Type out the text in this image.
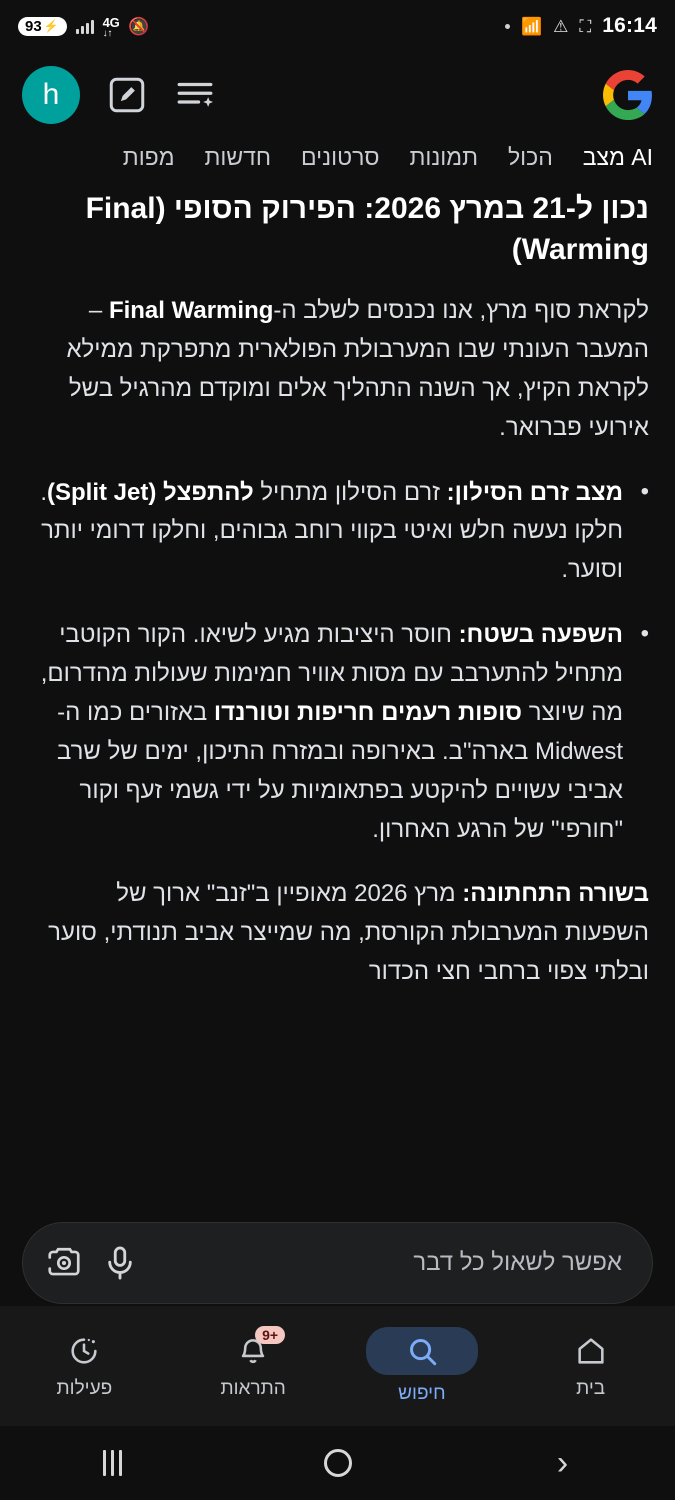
93 ⚡	4G
↓↑ 🔕	📶 ⚠ ⛶ 16:14
h
מצב AI
הכול
תמונות
סרטונים
חדשות
מפות
נכון ל-21 במרץ 2026: הפירוק הסופי (Final Warming)

לקראת סוף מרץ, אנו נכנסים לשלב ה-Final Warming – המעבר העונתי שבו המערבולת הפולארית מתפרקת ממילא לקראת הקיץ, אך השנה התהליך אלים ומוקדם מהרגיל בשל אירועי פברואר.

• מצב זרם הסילון: זרם הסילון מתחיל להתפצל (Split Jet). חלקו נעשה חלש ואיטי בקווי רוחב גבוהים, וחלקו דרומי יותר וסוער.
• השפעה בשטח: חוסר היציבות מגיע לשיאו. הקור הקוטבי מתחיל להתערבב עם מסות אוויר חמימות שעולות מהדרום, מה שיוצר סופות רעמים חריפות וטורנדו באזורים כמו ה-Midwest בארה"ב. באירופה ובמזרח התיכון, ימים של שרב אביבי עשויים להיקטע בפתאומיות על ידי גשמי זעף וקור "חורפי" של הרגע האחרון.

בשורה התחתונה: מרץ 2026 מאופיין ב"זנב" ארוך של השפעות המערבולת הקורסת, מה שמייצר אביב תנודתי, סוער ובלתי צפוי ברחבי חצי הכדור

אפשר לשאול כל דבר
בית
חיפוש
9+
התראות
פעילות
›
